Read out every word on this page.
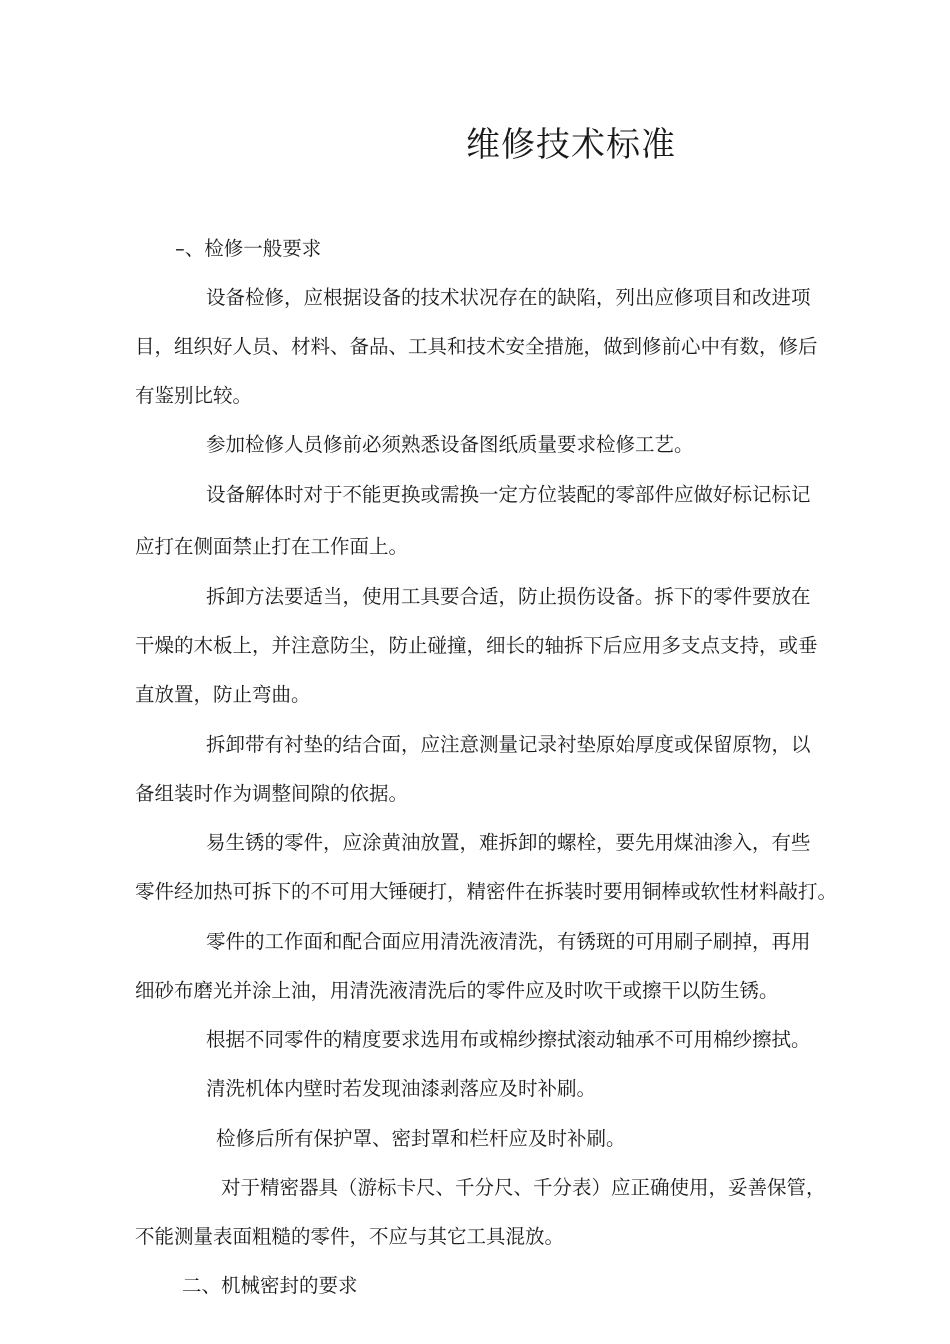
维修技术标准
–、检修一般要求
设备检修，应根据设备的技术状况存在的缺陷，列出应修项目和改进项
目，组织好人员、材料、备品、工具和技术安全措施，做到修前心中有数，修后
有鉴别比较。
参加检修人员修前必须熟悉设备图纸质量要求检修工艺。
设备解体时对于不能更换或需换一定方位装配的零部件应做好标记标记
应打在侧面禁止打在工作面上。
拆卸方法要适当，使用工具要合适，防止损伤设备。拆下的零件要放在
干燥的木板上，并注意防尘，防止碰撞，细长的轴拆下后应用多支点支持，或垂
直放置，防止弯曲。
拆卸带有衬垫的结合面，应注意测量记录衬垫原始厚度或保留原物，以
备组装时作为调整间隙的依据。
易生锈的零件，应涂黄油放置，难拆卸的螺栓，要先用煤油渗入，有些
零件经加热可拆下的不可用大锤硬打，精密件在拆装时要用铜棒或软性材料敲打。
零件的工作面和配合面应用清洗液清洗，有锈斑的可用刷子刷掉，再用
细砂布磨光并涂上油，用清洗液清洗后的零件应及时吹干或擦干以防生锈。
根据不同零件的精度要求选用布或棉纱擦拭滚动轴承不可用棉纱擦拭。
清洗机体内壁时若发现油漆剥落应及时补刷。
检修后所有保护罩、密封罩和栏杆应及时补刷。
对于精密器具（游标卡尺、千分尺、千分表）应正确使用，妥善保管，
不能测量表面粗糙的零件，不应与其它工具混放。
二、机械密封的要求
